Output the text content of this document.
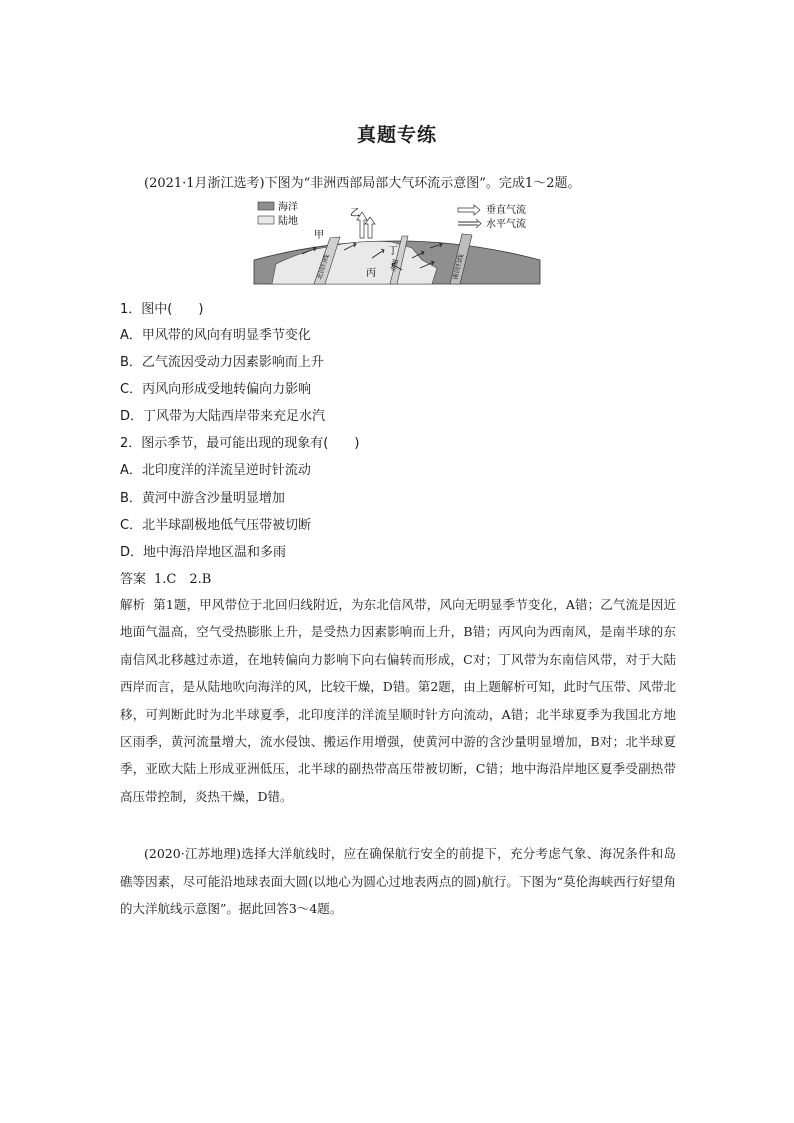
真题专练
(2021·1月浙江选考)下图为“非洲西部局部大气环流示意图”。完成1～2题。
海洋
陆地
垂直气流
水平气流
甲
乙
丙
丁
北回归线	赤道	南回归线
1．图中(　　)
A．甲风带的风向有明显季节变化
B．乙气流因受动力因素影响而上升
C．丙风向形成受地转偏向力影响
D．丁风带为大陆西岸带来充足水汽
2．图示季节，最可能出现的现象有(　　)
A．北印度洋的洋流呈逆时针流动
B．黄河中游含沙量明显增加
C．北半球副极地低气压带被切断
D．地中海沿岸地区温和多雨
答案 1.C　2.B
解析 第1题，甲风带位于北回归线附近，为东北信风带，风向无明显季节变化，A错；乙气流是因近地面气温高，空气受热膨胀上升，是受热力因素影响而上升，B错；丙风向为西南风，是南半球的东南信风北移越过赤道，在地转偏向力影响下向右偏转而形成，C对；丁风带为东南信风带，对于大陆西岸而言，是从陆地吹向海洋的风，比较干燥，D错。第2题，由上题解析可知，此时气压带、风带北移，可判断此时为北半球夏季，北印度洋的洋流呈顺时针方向流动，A错；北半球夏季为我国北方地区雨季，黄河流量增大，流水侵蚀、搬运作用增强，使黄河中游的含沙量明显增加，B对；北半球夏季，亚欧大陆上形成亚洲低压，北半球的副热带高压带被切断，C错；地中海沿岸地区夏季受副热带高压带控制，炎热干燥，D错。
(2020·江苏地理)选择大洋航线时，应在确保航行安全的前提下，充分考虑气象、海况条件和岛礁等因素，尽可能沿地球表面大圆(以地心为圆心过地表两点的圆)航行。下图为“莫伦海峡西行好望角的大洋航线示意图”。据此回答3～4题。
